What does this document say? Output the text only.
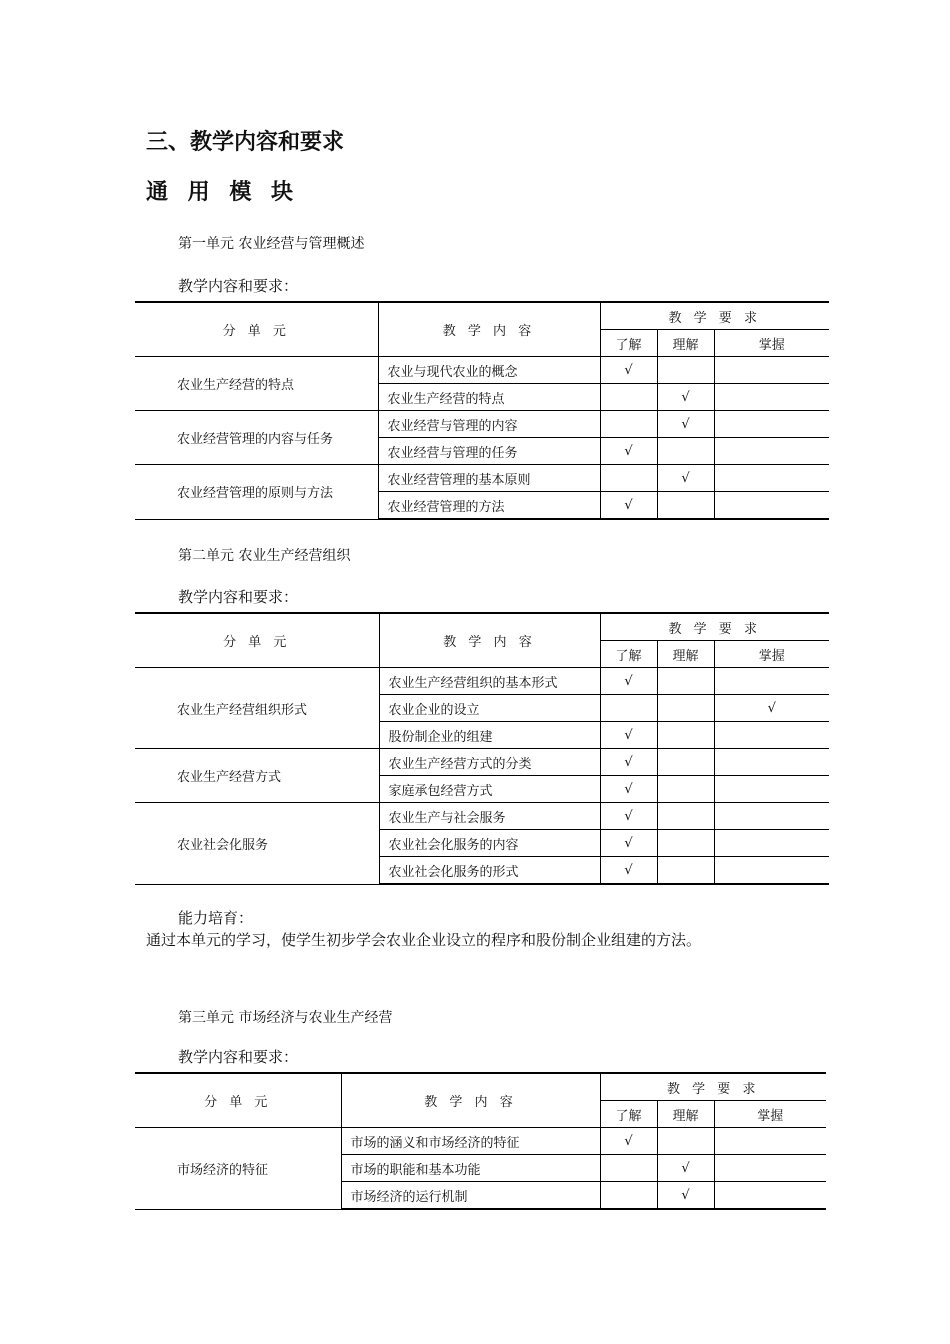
三、教学内容和要求
通 用 模 块
第一单元 农业经营与管理概述
教学内容和要求：
分 单 元	教 学 内 容	教 学 要 求		
		了解	理解	掌握
农业生产经营的特点	农业与现代农业的概念	√		
	农业生产经营的特点		√	
农业经营管理的内容与任务	农业经营与管理的内容		√	
	农业经营与管理的任务	√		
农业经营管理的原则与方法	农业经营管理的基本原则		√	
	农业经营管理的方法	√		
第二单元 农业生产经营组织
教学内容和要求：
分 单 元	教 学 内 容	教 学 要 求		
		了解	理解	掌握
农业生产经营组织形式	农业生产经营组织的基本形式	√		
	农业企业的设立			√
	股份制企业的组建	√		
农业生产经营方式	农业生产经营方式的分类	√		
	家庭承包经营方式	√		
农业社会化服务	农业生产与社会服务	√		
	农业社会化服务的内容	√		
	农业社会化服务的形式	√		
能力培育：
通过本单元的学习，使学生初步学会农业企业设立的程序和股份制企业组建的方法。
第三单元 市场经济与农业生产经营
教学内容和要求：
分 单 元	教 学 内 容	教 学 要 求		
		了解	理解	掌握
市场经济的特征	市场的涵义和市场经济的特征	√		
	市场的职能和基本功能		√	
	市场经济的运行机制		√	
